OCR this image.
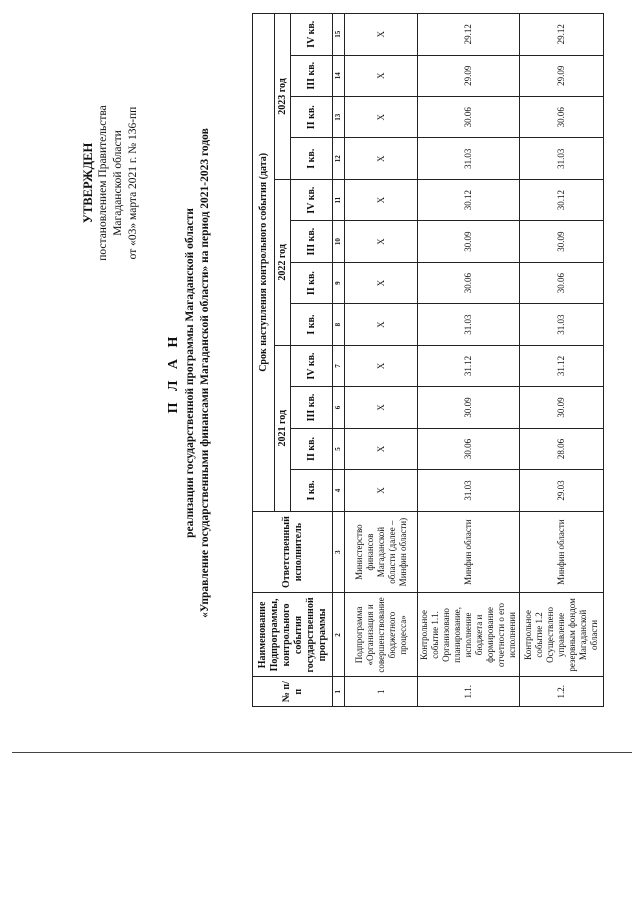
УТВЕРЖДЕН постановлением Правительства Магаданской области от «03» марта 2021 г. № 136-пп
П Л А Н реализации государственной программы Магаданской области «Управление государственными финансами Магаданской области» на период 2021-2023 годов
№ п/п	Наименование Подпрограммы, контрольного события государственной программы	Ответственный исполнитель	Срок наступления контрольного события (дата)											
			2021 год				2022 год				2023 год			
			I кв.	II кв.	III кв.	IV кв.	I кв.	II кв.	III кв.	IV кв.	I кв.	II кв.	III кв.	IV кв.
1	2	3	4	5	6	7	8	9	10	11	12	13	14	15
1	Подпрограмма «Организация и совершенствование бюджетного процесса»	Министерство финансов Магаданской области (далее – Минфин области)	X	X	X	X	X	X	X	X	X	X	X	X
1.1.	Контрольное событие 1.1. Организовано планирование, исполнение бюджета и формирование отчетности о его исполнении	Минфин области	31.03	30.06	30.09	31.12	31.03	30.06	30.09	30.12	31.03	30.06	29.09	29.12
1.2.	Контрольное событие 1.2 Осуществлено управление резервным фондом Магаданской области	Минфин области	29.03	28.06	30.09	31.12	31.03	30.06	30.09	30.12	31.03	30.06	29.09	29.12
